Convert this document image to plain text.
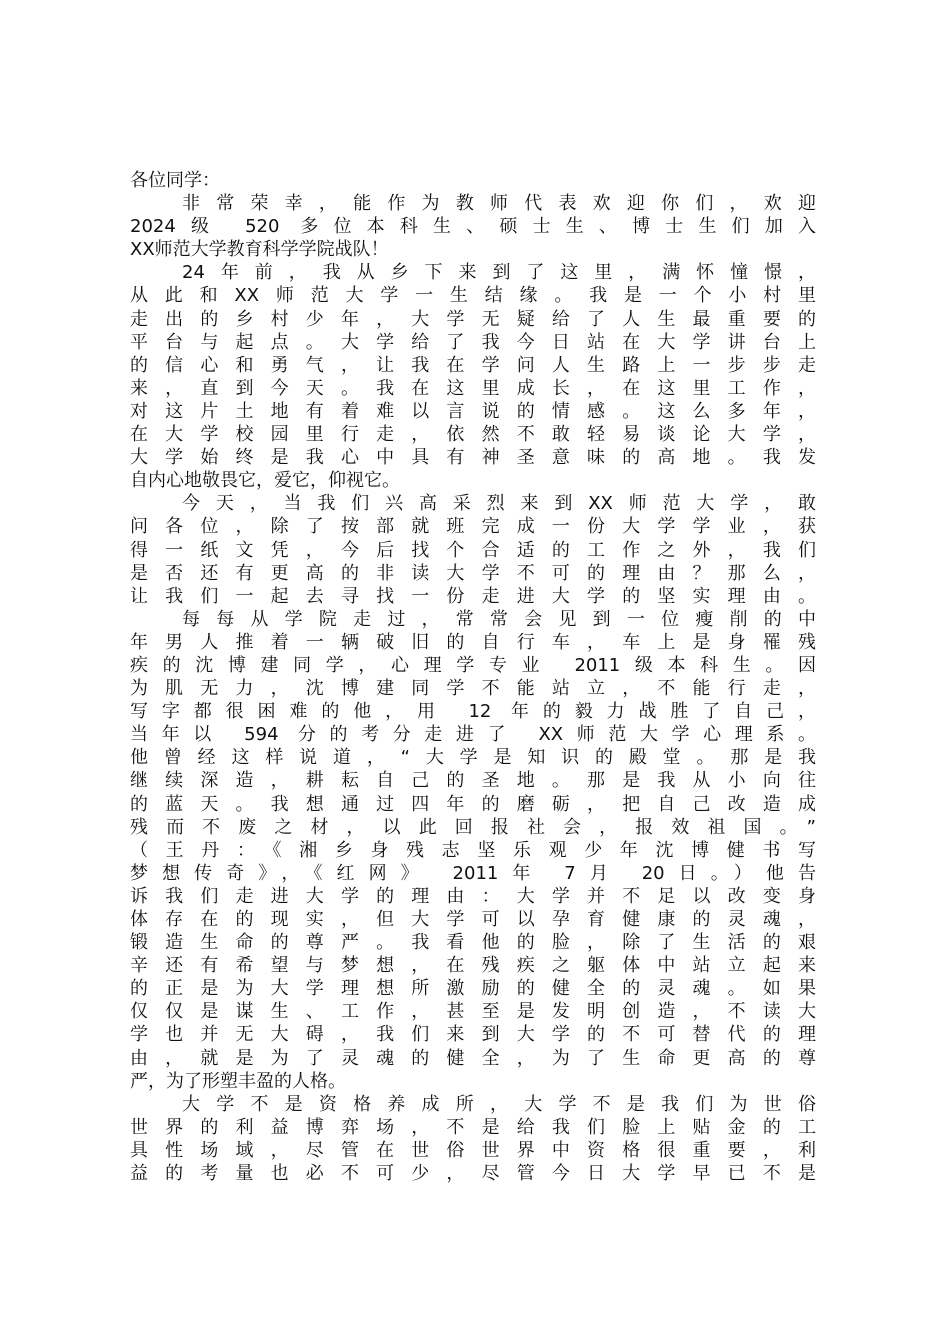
各位同学：
非常荣幸，能作为教师代表欢迎你们，欢迎
2024级 520 多位本科生、硕士生、博士生们加入
XX师范大学教育科学学院战队！
24年前，我从乡下来到了这里，满怀憧憬，
从此和XX师范大学一生结缘。我是一个小村里
走出的乡村少年，大学无疑给了人生最重要的
平台与起点。大学给了我今日站在大学讲台上
的信心和勇气，让我在学问人生路上一步步走
来，直到今天。我在这里成长，在这里工作，
对这片土地有着难以言说的情感。这么多年，
在大学校园里行走，依然不敢轻易谈论大学，
大学始终是我心中具有神圣意味的高地。我发
自内心地敬畏它，爱它，仰视它。
今天，当我们兴高采烈来到XX师范大学，敢
问各位，除了按部就班完成一份大学学业，获
得一纸文凭，今后找个合适的工作之外，我们
是否还有更高的非读大学不可的理由？那么，
让我们一起去寻找一份走进大学的坚实理由。
每每从学院走过，常常会见到一位瘦削的中
年男人推着一辆破旧的自行车，车上是身罹残
疾的沈博建同学，心理学专业 2011级本科生。因
为肌无力，沈博建同学不能站立，不能行走，
写字都很困难的他，用 12 年的毅力战胜了自己，
当年以 594 分的考分走进了 XX师范大学心理系。
他曾经这样说道，“大学是知识的殿堂。那是我
继续深造，耕耘自己的圣地。那是我从小向往
的蓝天。我想通过四年的磨砺，把自己改造成
残而不废之材，以此回报社会，报效祖国。”
（王丹：《湘乡身残志坚乐观少年沈博健书写
梦想传奇》，《红网》 2011年 7月 20日。）他告
诉我们走进大学的理由：大学并不足以改变身
体存在的现实，但大学可以孕育健康的灵魂，
锻造生命的尊严。我看他的脸，除了生活的艰
辛还有希望与梦想，在残疾之躯体中站立起来
的正是为大学理想所激励的健全的灵魂。如果
仅仅是谋生、工作，甚至是发明创造，不读大
学也并无大碍，我们来到大学的不可替代的理
由，就是为了灵魂的健全，为了生命更高的尊
严，为了形塑丰盈的人格。
大学不是资格养成所，大学不是我们为世俗
世界的利益博弈场，不是给我们脸上贴金的工
具性场域，尽管在世俗世界中资格很重要，利
益的考量也必不可少，尽管今日大学早已不是
